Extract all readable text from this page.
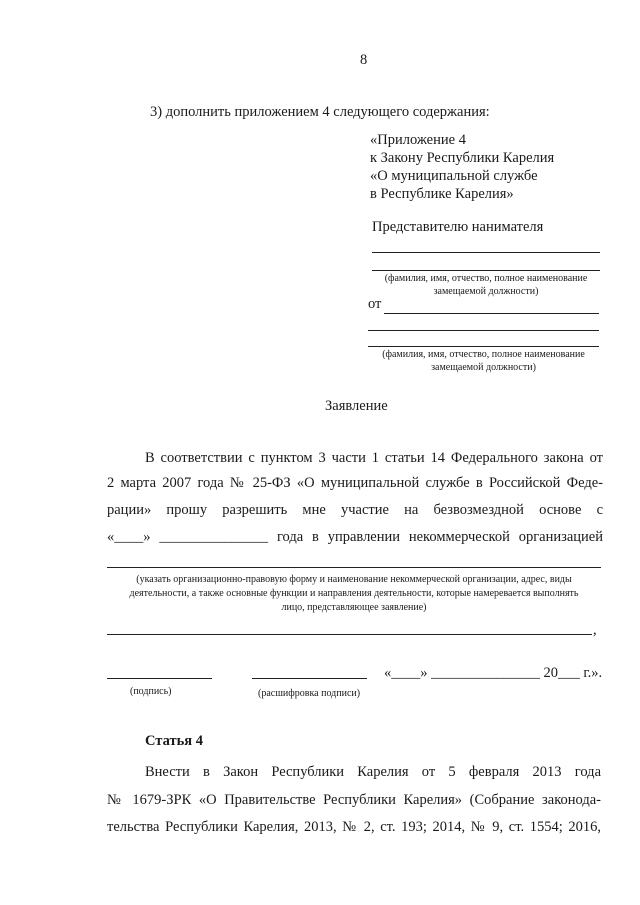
8
3) дополнить приложением 4 следующего содержания:
«Приложение 4
к Закону Республики Карелия
«О муниципальной службе
в Республике Карелия»
Представителю нанимателя
(фамилия, имя, отчество, полное наименование
замещаемой должности)
от
(фамилия, имя, отчество, полное наименование
замещаемой должности)
Заявление
В соответствии с пунктом 3 части 1 статьи 14 Федерального закона от
2 марта 2007 года № 25-ФЗ «О муниципальной службе в Российской Феде-
рации» прошу разрешить мне участие на безвозмездной основе с
«____» _______________ года в управлении некоммерческой организацией
(указать организационно-правовую форму и наименование некоммерческой организации, адрес, виды
деятельности, а также основные функции и направления деятельности, которые намеревается выполнять
лицо, представляющее заявление)
,
«____» _______________ 20___ г.».
(подпись)	(расшифровка подписи)
Статья 4
Внести в Закон Республики Карелия от 5 февраля 2013 года
№ 1679-ЗРК «О Правительстве Республики Карелия» (Собрание законода-
тельства Республики Карелия, 2013, № 2, ст. 193; 2014, № 9, ст. 1554; 2016,
